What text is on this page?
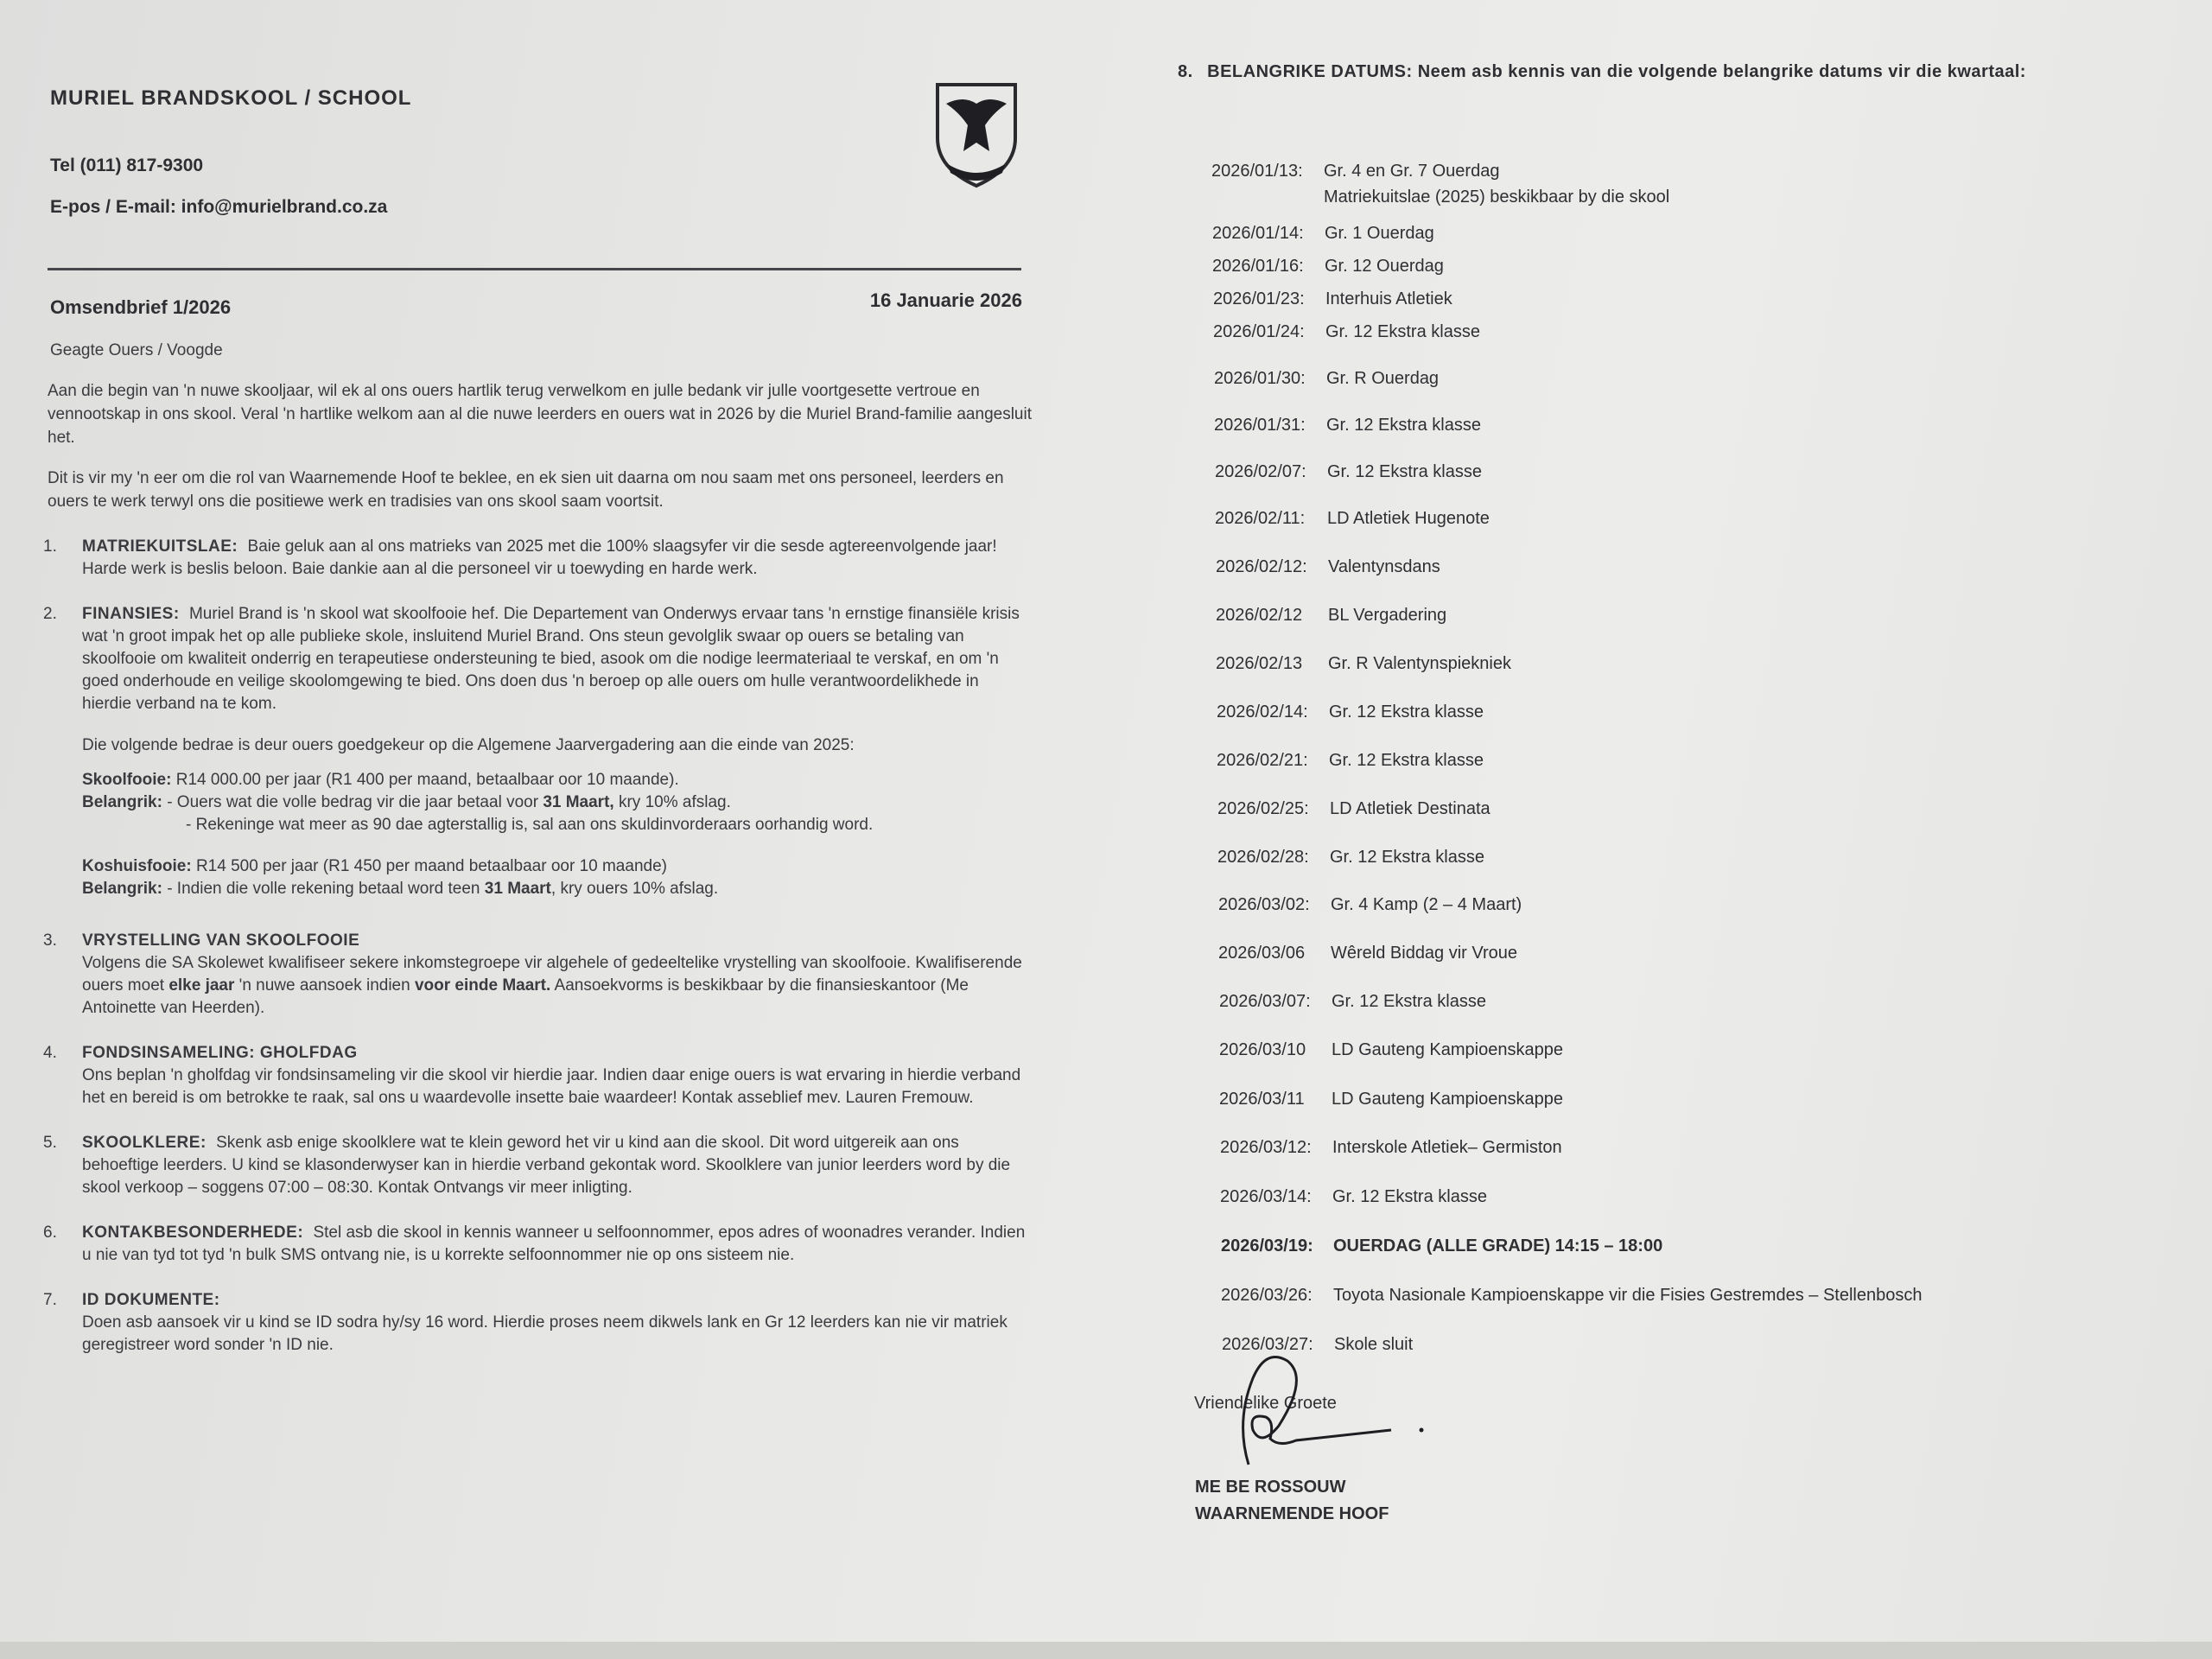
MURIEL BRANDSKOOL / SCHOOL
Tel (011) 817-9300
E-pos / E-mail: info@murielbrand.co.za
Omsendbrief 1/2026	16 Januarie 2026
Geagte Ouers / Voogde
Aan die begin van 'n nuwe skooljaar, wil ek al ons ouers hartlik terug verwelkom en julle bedank vir julle voortgesette vertroue en vennootskap in ons skool. Veral 'n hartlike welkom aan al die nuwe leerders en ouers wat in 2026 by die Muriel Brand-familie aangesluit het.
Dit is vir my 'n eer om die rol van Waarnemende Hoof te beklee, en ek sien uit daarna om nou saam met ons personeel, leerders en ouers te werk terwyl ons die positiewe werk en tradisies van ons skool saam voortsit.
1. MATRIEKUITSLAE: Baie geluk aan al ons matrieks van 2025 met die 100% slaagsyfer vir die sesde agtereenvolgende jaar! Harde werk is beslis beloon. Baie dankie aan al die personeel vir u toewyding en harde werk.
2. FINANSIES: Muriel Brand is 'n skool wat skoolfooie hef. Die Departement van Onderwys ervaar tans 'n ernstige finansiële krisis wat 'n groot impak het op alle publieke skole, insluitend Muriel Brand. Ons steun gevolglik swaar op ouers se betaling van skoolfooie om kwaliteit onderrig en terapeutiese ondersteuning te bied, asook om die nodige leermateriaal te verskaf, en om 'n goed onderhoude en veilige skoolomgewing te bied. Ons doen dus 'n beroep op alle ouers om hulle verantwoordelikhede in hierdie verband na te kom.
Die volgende bedrae is deur ouers goedgekeur op die Algemene Jaarvergadering aan die einde van 2025:
Skoolfooie: R14 000.00 per jaar (R1 400 per maand, betaalbaar oor 10 maande).
Belangrik: - Ouers wat die volle bedrag vir die jaar betaal voor 31 Maart, kry 10% afslag.
- Rekeninge wat meer as 90 dae agterstallig is, sal aan ons skuldinvorderaars oorhandig word.
Koshuisfooie: R14 500 per jaar (R1 450 per maand betaalbaar oor 10 maande)
Belangrik: - Indien die volle rekening betaal word teen 31 Maart, kry ouers 10% afslag.
3. VRYSTELLING VAN SKOOLFOOIE
Volgens die SA Skolewet kwalifiseer sekere inkomstegroepe vir algehele of gedeeltelike vrystelling van skoolfooie. Kwalifiserende ouers moet elke jaar 'n nuwe aansoek indien voor einde Maart. Aansoekvorms is beskikbaar by die finansieskantoor (Me Antoinette van Heerden).
4. FONDSINSAMELING: GHOLFDAG
Ons beplan 'n gholfdag vir fondsinsameling vir die skool vir hierdie jaar. Indien daar enige ouers is wat ervaring in hierdie verband het en bereid is om betrokke te raak, sal ons u waardevolle insette baie waardeer! Kontak asseblief mev. Lauren Fremouw.
5. SKOOLKLERE: Skenk asb enige skoolklere wat te klein geword het vir u kind aan die skool. Dit word uitgereik aan ons behoeftige leerders. U kind se klasonderwyser kan in hierdie verband gekontak word. Skoolklere van junior leerders word by die skool verkoop – soggens 07:00 – 08:30. Kontak Ontvangs vir meer inligting.
6. KONTAKBESONDERHEDE: Stel asb die skool in kennis wanneer u selfoonnommer, epos adres of woonadres verander. Indien u nie van tyd tot tyd 'n bulk SMS ontvang nie, is u korrekte selfoonnommer nie op ons sisteem nie.
7. ID DOKUMENTE:
Doen asb aansoek vir u kind se ID sodra hy/sy 16 word. Hierdie proses neem dikwels lank en Gr 12 leerders kan nie vir matriek geregistreer word sonder 'n ID nie.
8. BELANGRIKE DATUMS: Neem asb kennis van die volgende belangrike datums vir die kwartaal:
2026/01/13: Gr. 4 en Gr. 7 Ouerdag
Matriekuitslae (2025) beskikbaar by die skool
2026/01/14: Gr. 1 Ouerdag
2026/01/16: Gr. 12 Ouerdag
2026/01/23: Interhuis Atletiek
2026/01/24: Gr. 12 Ekstra klasse
2026/01/30: Gr. R Ouerdag
2026/01/31: Gr. 12 Ekstra klasse
2026/02/07: Gr. 12 Ekstra klasse
2026/02/11: LD Atletiek Hugenote
2026/02/12: Valentynsdans
2026/02/12 BL Vergadering
2026/02/13 Gr. R Valentynspiekniek
2026/02/14: Gr. 12 Ekstra klasse
2026/02/21: Gr. 12 Ekstra klasse
2026/02/25: LD Atletiek Destinata
2026/02/28: Gr. 12 Ekstra klasse
2026/03/02: Gr. 4 Kamp (2 – 4 Maart)
2026/03/06 Wêreld Biddag vir Vroue
2026/03/07: Gr. 12 Ekstra klasse
2026/03/10 LD Gauteng Kampioenskappe
2026/03/11 LD Gauteng Kampioenskappe
2026/03/12: Interskole Atletiek– Germiston
2026/03/14: Gr. 12 Ekstra klasse
2026/03/19: OUERDAG (ALLE GRADE) 14:15 – 18:00
2026/03/26: Toyota Nasionale Kampioenskappe vir die Fisies Gestremdes – Stellenbosch
2026/03/27: Skole sluit
Vriendelike Groete
ME BE ROSSOUW
WAARNEMENDE HOOF
